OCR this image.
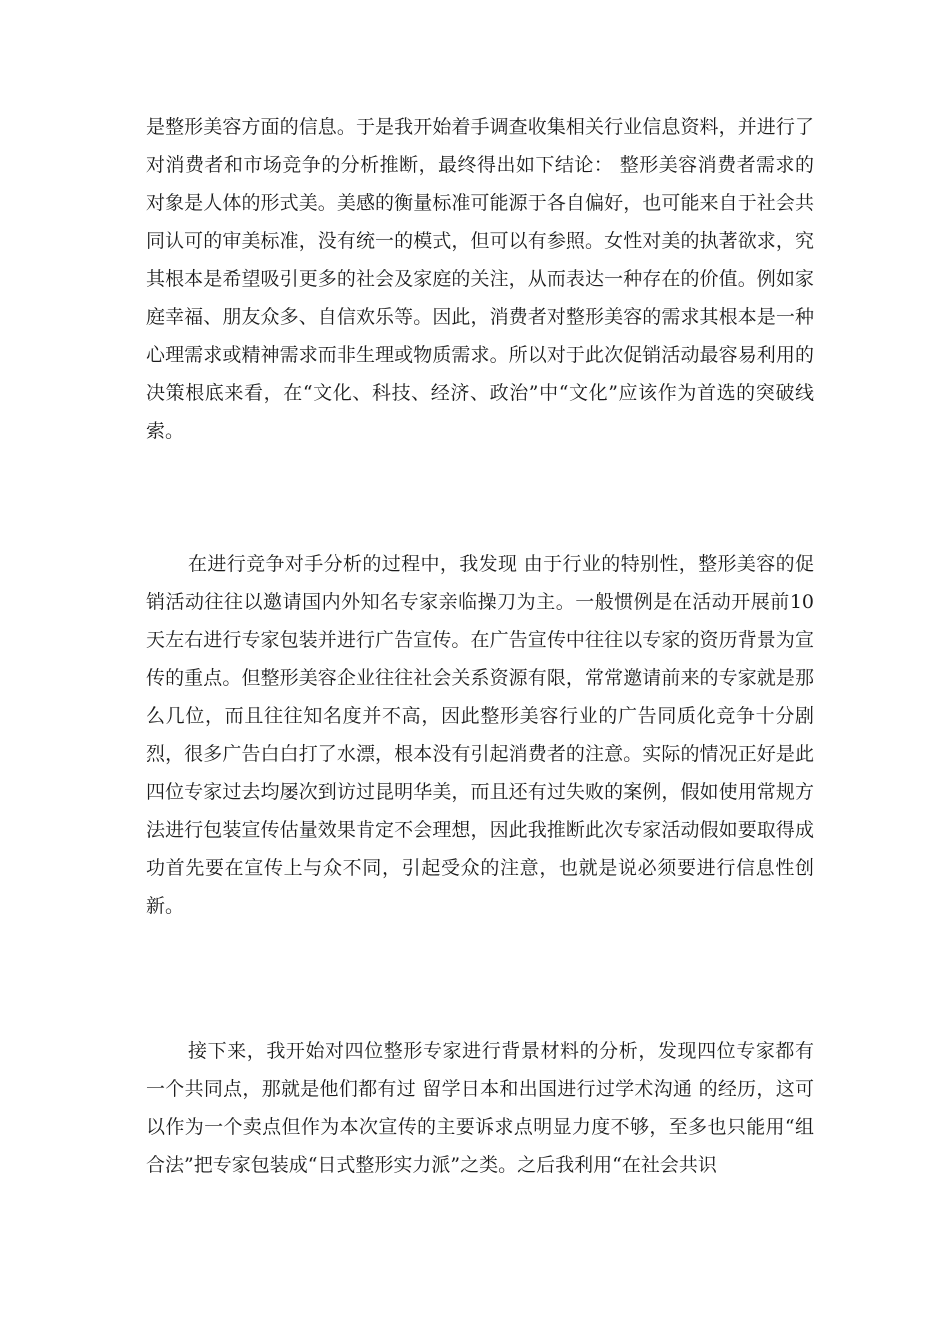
是整形美容方面的信息。于是我开始着手调查收集相关行业信息资料，并进行了对消费者和市场竞争的分析推断，最终得出如下结论： 整形美容消费者需求的对象是人体的形式美。美感的衡量标准可能源于各自偏好，也可能来自于社会共同认可的审美标准，没有统一的模式，但可以有参照。女性对美的执著欲求，究其根本是希望吸引更多的社会及家庭的关注，从而表达一种存在的价值。例如家庭幸福、朋友众多、自信欢乐等。因此，消费者对整形美容的需求其根本是一种心理需求或精神需求而非生理或物质需求。所以对于此次促销活动最容易利用的决策根底来看，在“文化、科技、经济、政治”中“文化”应该作为首选的突破线索。

在进行竞争对手分析的过程中，我发现 由于行业的特别性，整形美容的促销活动往往以邀请国内外知名专家亲临操刀为主。一般惯例是在活动开展前10天左右进行专家包装并进行广告宣传。在广告宣传中往往以专家的资历背景为宣传的重点。但整形美容企业往往社会关系资源有限，常常邀请前来的专家就是那么几位，而且往往知名度并不高，因此整形美容行业的广告同质化竞争十分剧烈，很多广告白白打了水漂，根本没有引起消费者的注意。实际的情况正好是此四位专家过去均屡次到访过昆明华美，而且还有过失败的案例，假如使用常规方法进行包装宣传估量效果肯定不会理想，因此我推断此次专家活动假如要取得成功首先要在宣传上与众不同，引起受众的注意，也就是说必须要进行信息性创新。

接下来，我开始对四位整形专家进行背景材料的分析，发现四位专家都有一个共同点，那就是他们都有过 留学日本和出国进行过学术沟通 的经历，这可以作为一个卖点但作为本次宣传的主要诉求点明显力度不够，至多也只能用“组合法”把专家包装成“日式整形实力派”之类。之后我利用“在社会共识
